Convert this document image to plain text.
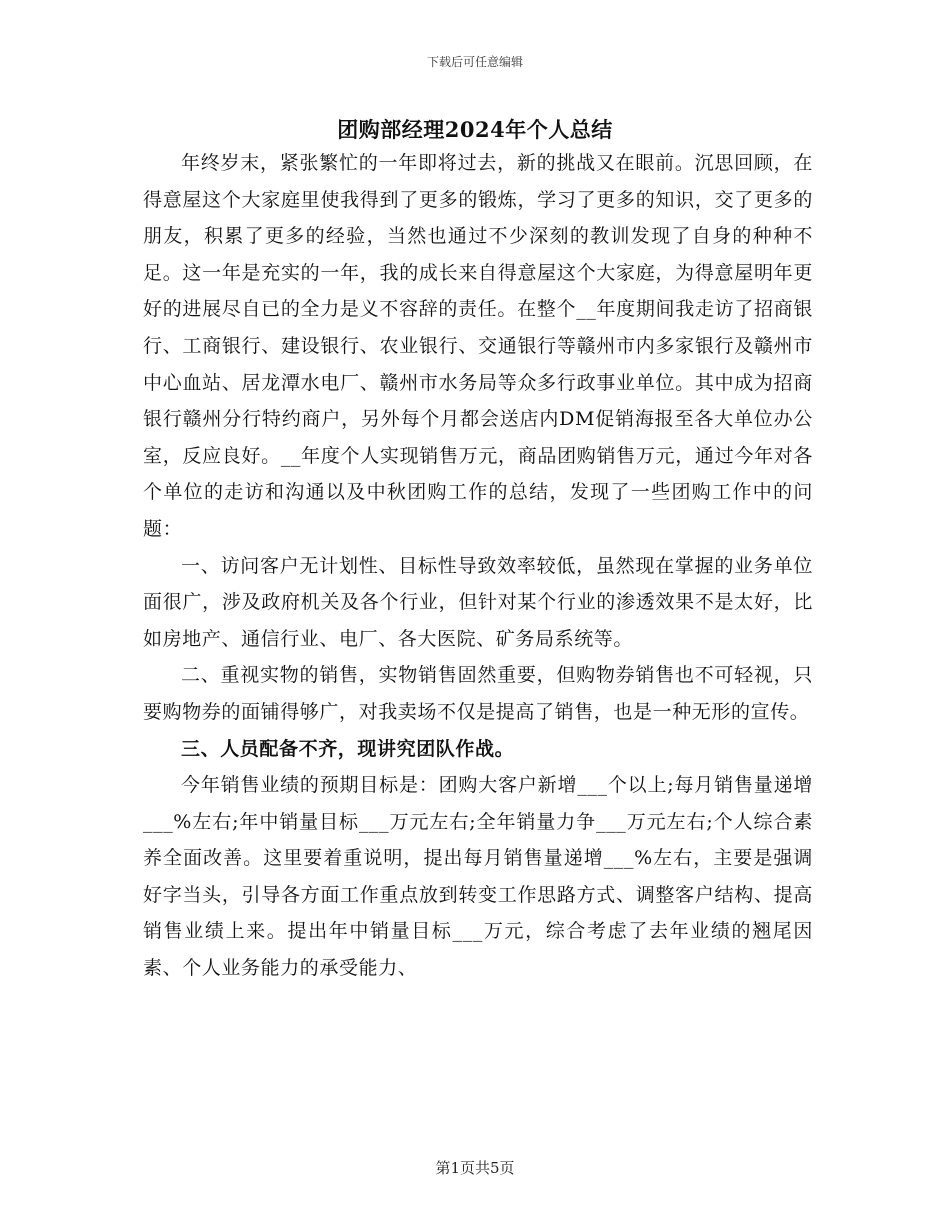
下载后可任意编辑
团购部经理2024年个人总结

年终岁末，紧张繁忙的一年即将过去，新的挑战又在眼前。沉思回顾，在得意屋这个大家庭里使我得到了更多的锻炼，学习了更多的知识，交了更多的朋友，积累了更多的经验，当然也通过不少深刻的教训发现了自身的种种不足。这一年是充实的一年，我的成长来自得意屋这个大家庭，为得意屋明年更好的进展尽自已的全力是义不容辞的责任。在整个__年度期间我走访了招商银行、工商银行、建设银行、农业银行、交通银行等赣州市内多家银行及赣州市中心血站、居龙潭水电厂、赣州市水务局等众多行政事业单位。其中成为招商银行赣州分行特约商户，另外每个月都会送店内DM促销海报至各大单位办公室，反应良好。__年度个人实现销售万元，商品团购销售万元，通过今年对各个单位的走访和沟通以及中秋团购工作的总结，发现了一些团购工作中的问题：

一、访问客户无计划性、目标性导致效率较低，虽然现在掌握的业务单位面很广，涉及政府机关及各个行业，但针对某个行业的渗透效果不是太好，比如房地产、通信行业、电厂、各大医院、矿务局系统等。

二、重视实物的销售，实物销售固然重要，但购物券销售也不可轻视，只要购物券的面铺得够广，对我卖场不仅是提高了销售，也是一种无形的宣传。

三、人员配备不齐，现讲究团队作战。

今年销售业绩的预期目标是：团购大客户新增___个以上;每月销售量递增___%左右;年中销量目标___万元左右;全年销量力争___万元左右;个人综合素养全面改善。这里要着重说明，提出每月销售量递增___%左右，主要是强调好字当头，引导各方面工作重点放到转变工作思路方式、调整客户结构、提高销售业绩上来。提出年中销量目标___万元，综合考虑了去年业绩的翘尾因素、个人业务能力的承受能力、

第1页共5页
